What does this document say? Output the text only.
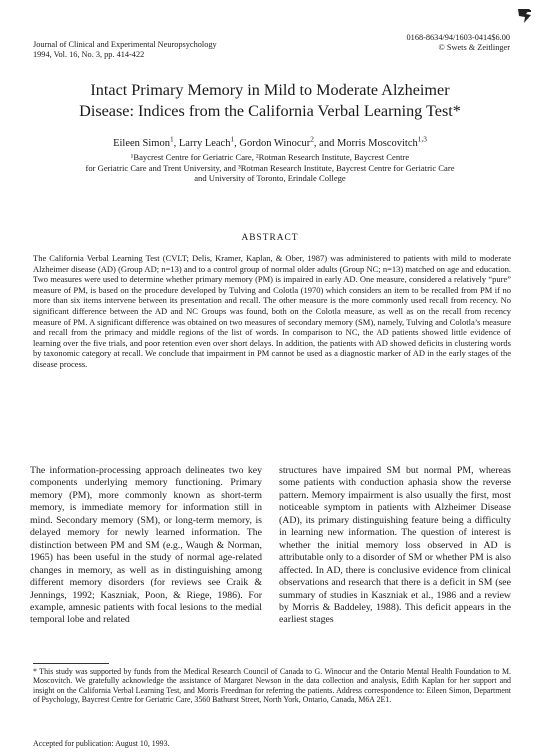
Journal of Clinical and Experimental Neuropsychology
1994, Vol. 16, No. 3, pp. 414-422
0168-8634/94/1603-0414$6.00
© Swets & Zeitlinger
Intact Primary Memory in Mild to Moderate Alzheimer
Disease: Indices from the California Verbal Learning Test*
Eileen Simon$^1$, Larry Leach$^1$, Gordon Winocur$^2$, and Morris Moscovitch$^{1,3}$
¹Baycrest Centre for Geriatric Care, ²Rotman Research Institute, Baycrest Centre
for Geriatric Care and Trent University, and ³Rotman Research Institute, Baycrest Centre for Geriatric Care
and University of Toronto, Erindale College
ABSTRACT
The California Verbal Learning Test (CVLT; Delis, Kramer, Kaplan, & Ober, 1987) was administered to patients with mild to moderate Alzheimer disease (AD) (Group AD; n=13) and to a control group of normal older adults (Group NC; n=13) matched on age and education. Two measures were used to determine whether primary memory (PM) is impaired in early AD. One measure, considered a relatively “pure” measure of PM, is based on the procedure developed by Tulving and Colotla (1970) which considers an item to be recalled from PM if no more than six items intervene between its presentation and recall. The other measure is the more commonly used recall from recency. No significant difference between the AD and NC Groups was found, both on the Colotla measure, as well as on the recall from recency measure of PM. A significant difference was obtained on two measures of secondary memory (SM), namely, Tulving and Colotla’s measure and recall from the primacy and middle regions of the list of words. In comparison to NC, the AD patients showed little evidence of learning over the five trials, and poor retention even over short delays. In addition, the patients with AD showed deficits in clustering words by taxonomic category at recall. We conclude that impairment in PM cannot be used as a diagnostic marker of AD in the early stages of the disease process.
The information-processing approach delineates two key components underlying memory functioning. Primary memory (PM), more commonly known as short-term memory, is immediate memory for information still in mind. Secondary memory (SM), or long-term memory, is delayed memory for newly learned information. The distinction between PM and SM (e.g., Waugh & Norman, 1965) has been useful in the study of normal age-related changes in memory, as well as in distinguishing among different memory disorders (for reviews see Craik & Jennings, 1992; Kaszniak, Poon, & Riege, 1986). For example, amnesic patients with focal lesions to the medial temporal lobe and related
structures have impaired SM but normal PM, whereas some patients with conduction aphasia show the reverse pattern. Memory impairment is also usually the first, most noticeable symptom in patients with Alzheimer Disease (AD), its primary distinguishing feature being a difficulty in learning new information. The question of interest is whether the initial memory loss observed in AD is attributable only to a disorder of SM or whether PM is also affected. In AD, there is conclusive evidence from clinical observations and research that there is a deficit in SM (see summary of studies in Kaszniak et al., 1986 and a review by Morris & Baddeley, 1988). This deficit appears in the earliest stages
* This study was supported by funds from the Medical Research Council of Canada to G. Winocur and the Ontario Mental Health Foundation to M. Moscovitch. We gratefully acknowledge the assistance of Margaret Newson in the data collection and analysis, Edith Kaplan for her support and insight on the California Verbal Learning Test, and Morris Freedman for referring the patients. Address correspondence to: Eileen Simon, Department of Psychology, Baycrest Centre for Geriatric Care, 3560 Bathurst Street, North York, Ontario, Canada, M6A 2E1.
Accepted for publication: August 10, 1993.
